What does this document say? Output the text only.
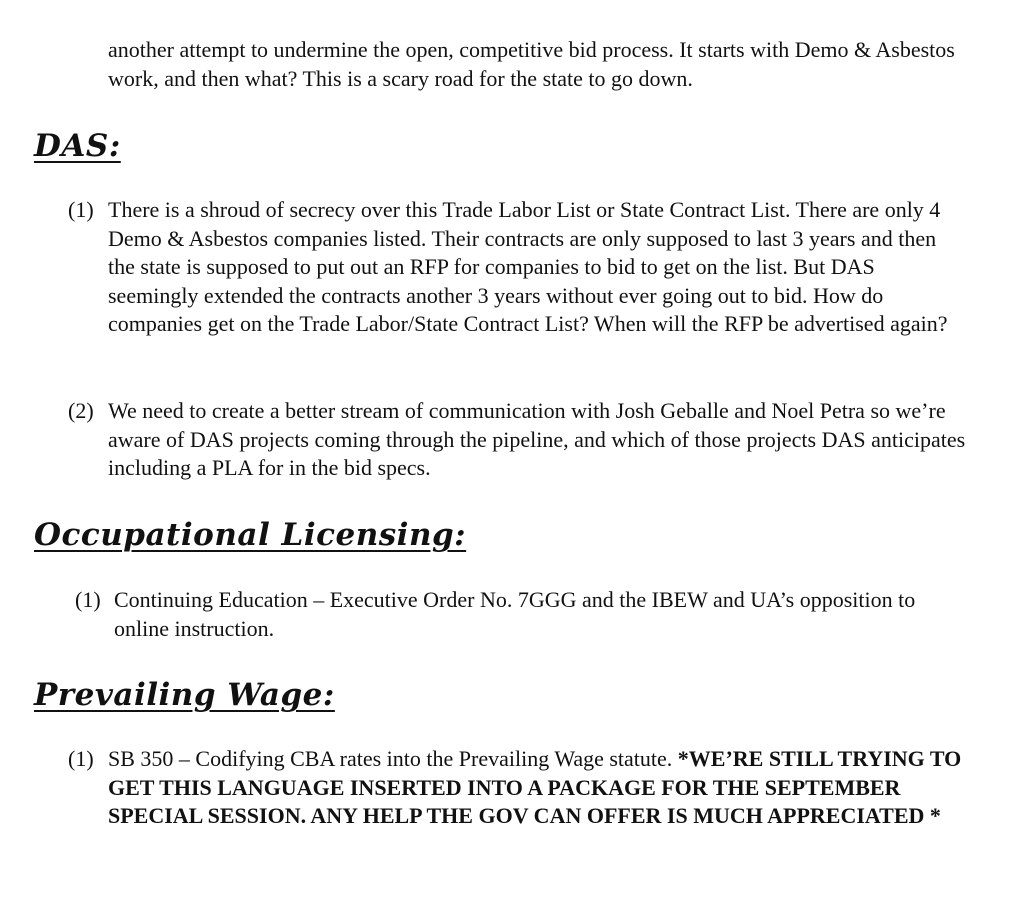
another attempt to undermine the open, competitive bid process. It starts with Demo & Asbestos work, and then what? This is a scary road for the state to go down.

DAS:
(1) There is a shroud of secrecy over this Trade Labor List or State Contract List. There are only 4 Demo & Asbestos companies listed. Their contracts are only supposed to last 3 years and then the state is supposed to put out an RFP for companies to bid to get on the list. But DAS seemingly extended the contracts another 3 years without ever going out to bid. How do companies get on the Trade Labor/State Contract List? When will the RFP be advertised again?
(2) We need to create a better stream of communication with Josh Geballe and Noel Petra so we’re aware of DAS projects coming through the pipeline, and which of those projects DAS anticipates including a PLA for in the bid specs.
Occupational Licensing:
(1) Continuing Education – Executive Order No. 7GGG and the IBEW and UA’s opposition to online instruction.
Prevailing Wage:
(1) SB 350 – Codifying CBA rates into the Prevailing Wage statute. *WE’RE STILL TRYING TO GET THIS LANGUAGE INSERTED INTO A PACKAGE FOR THE SEPTEMBER SPECIAL SESSION. ANY HELP THE GOV CAN OFFER IS MUCH APPRECIATED *
